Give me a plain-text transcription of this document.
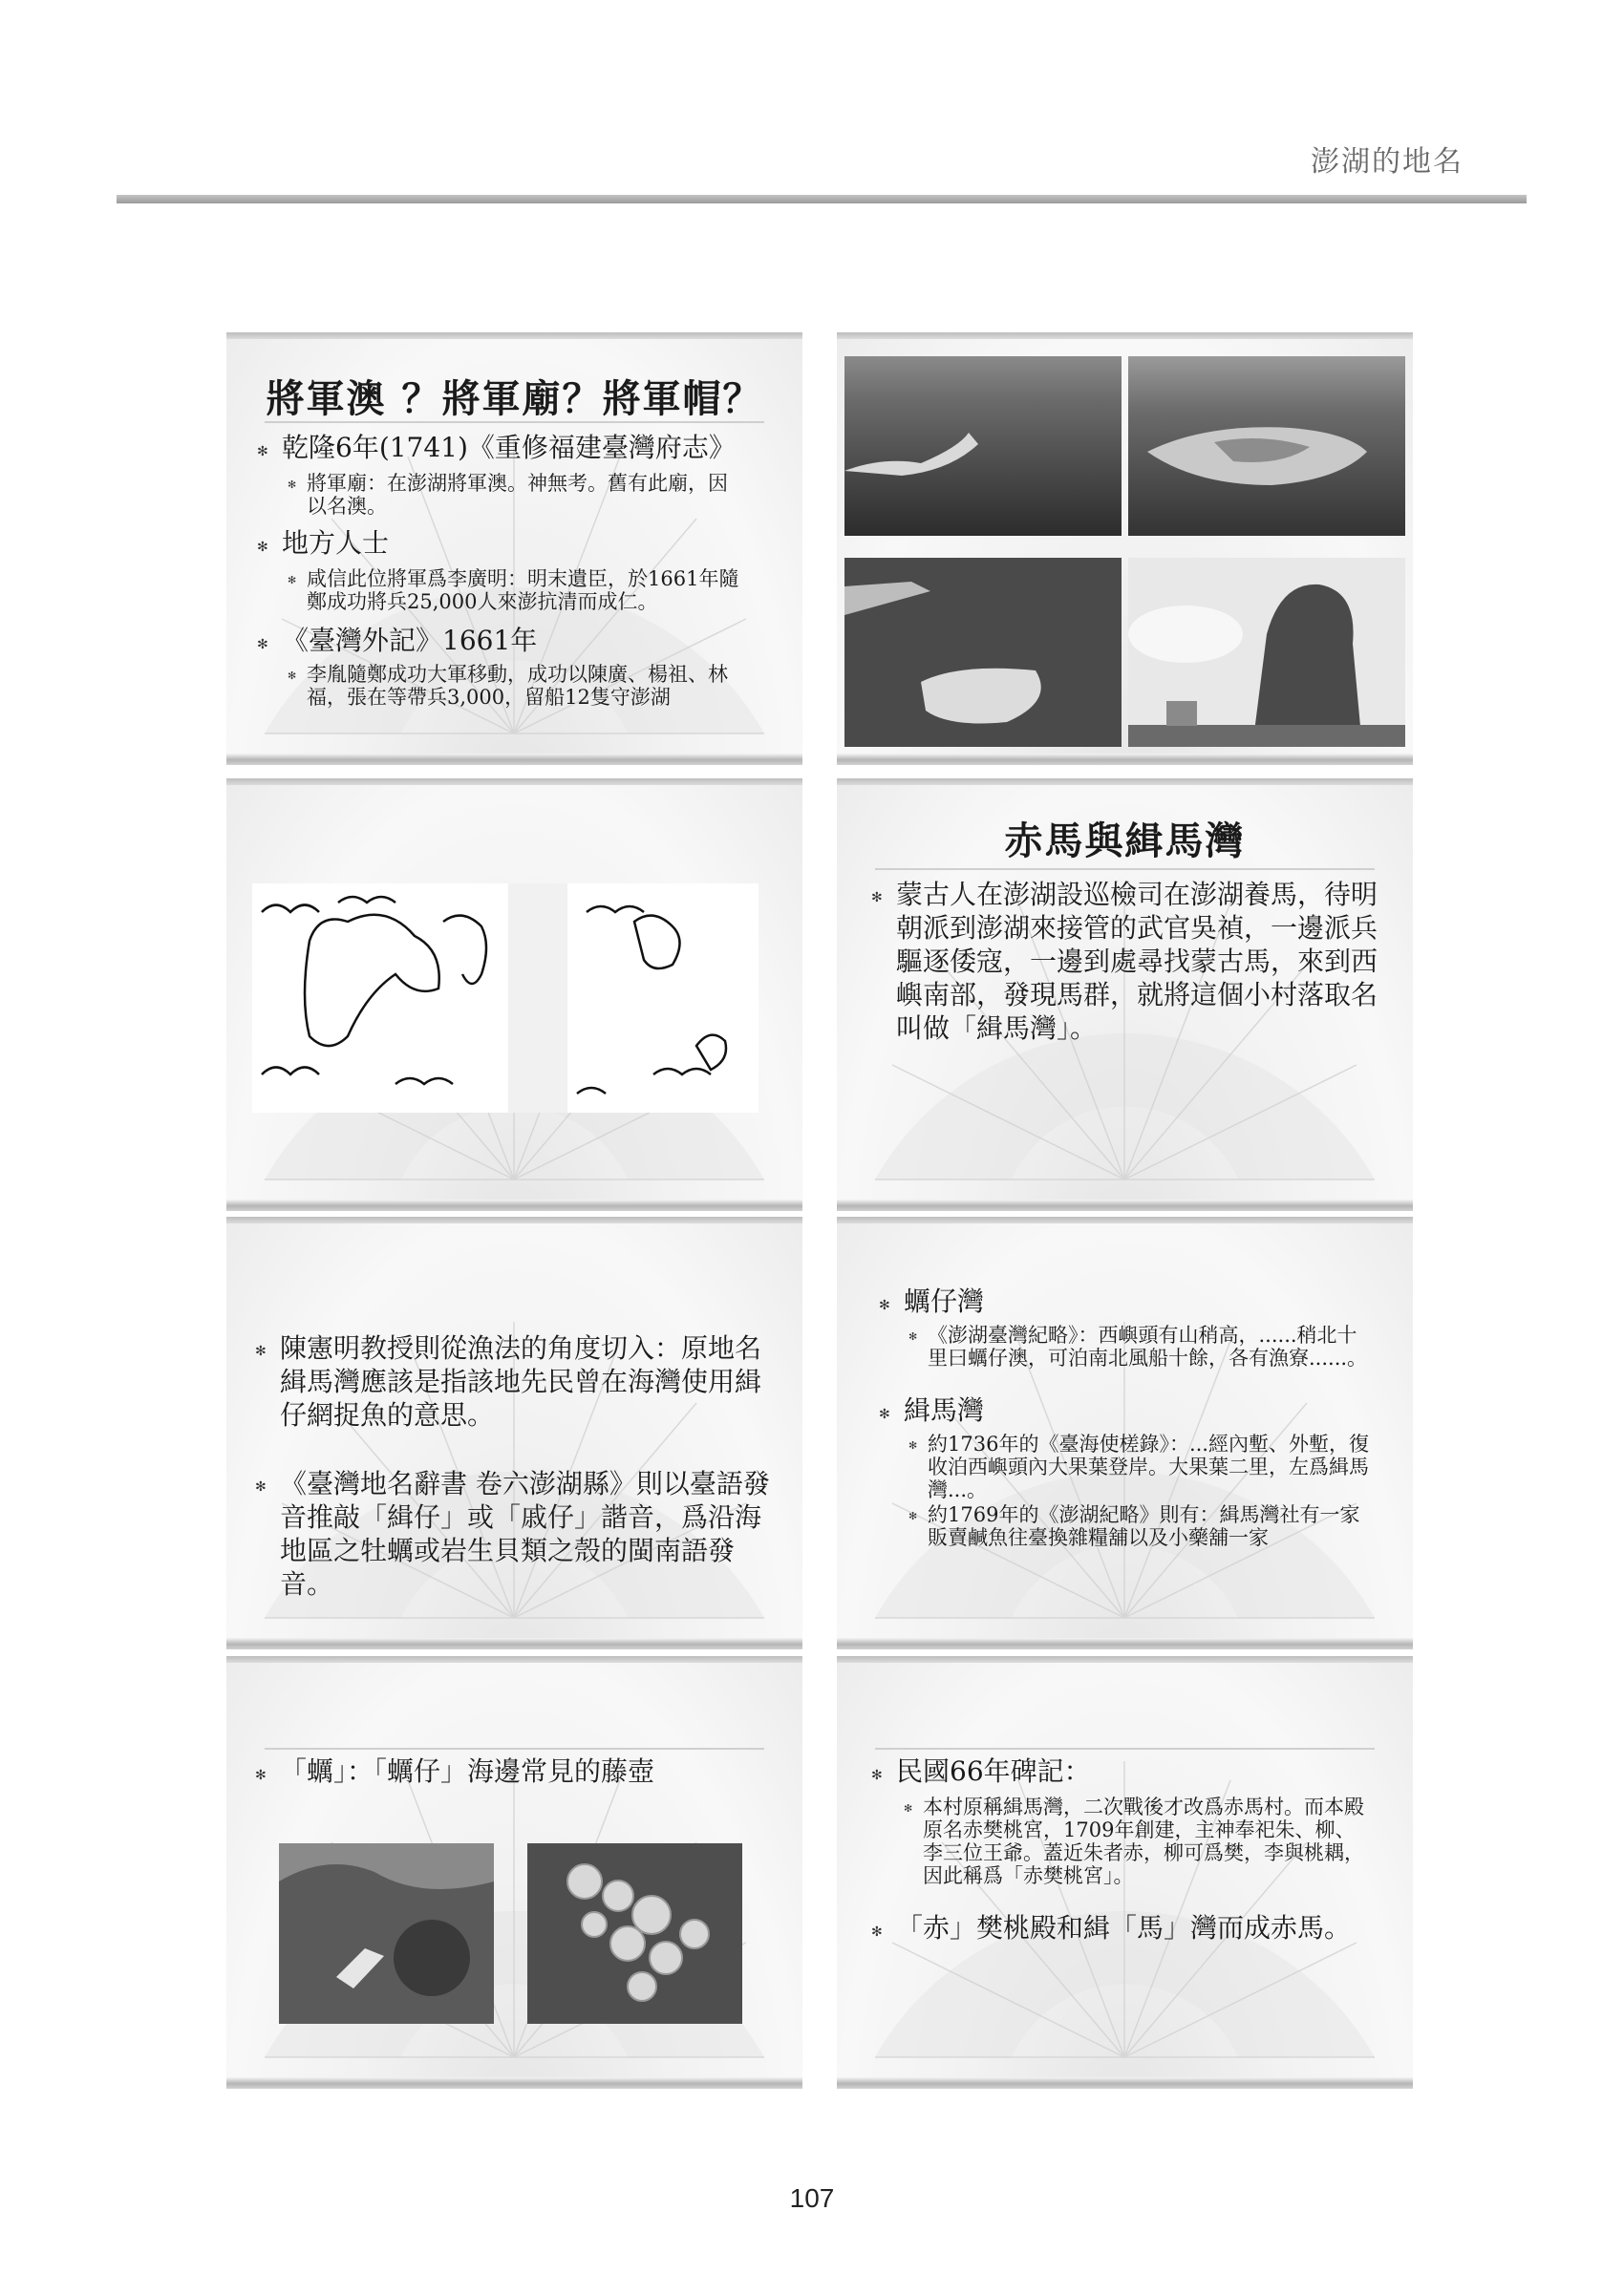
澎湖的地名
將軍澳 ？將軍廟？將軍帽？
✻ 乾隆6年(1741)《重修福建臺灣府志》
✻ 將軍廟：在澎湖將軍澳。神無考。舊有此廟，因以名澳。
✻ 地方人士
✻ 咸信此位將軍爲李廣明：明末遺臣，於1661年隨鄭成功將兵25,000人來澎抗清而成仁。
✻ 《臺灣外記》1661年
✻ 李胤隨鄭成功大軍移動，成功以陳廣、楊祖、林福，張在等帶兵3,000，留船12隻守澎湖
赤馬與緝馬灣
✻ 蒙古人在澎湖設巡檢司在澎湖養馬，待明朝派到澎湖來接管的武官吳禎，一邊派兵驅逐倭寇，一邊到處尋找蒙古馬，來到西嶼南部，發現馬群，就將這個小村落取名叫做「緝馬灣」。
✻ 陳憲明教授則從漁法的角度切入：原地名緝馬灣應該是指該地先民曾在海灣使用緝仔網捉魚的意思。
✻ 《臺灣地名辭書 卷六澎湖縣》則以臺語發音推敲「緝仔」或「戚仔」諧音，爲沿海地區之牡蠣或岩生貝類之殼的閩南語發音。
✻ 蠣仔灣
✻ 《澎湖臺灣紀略》：西嶼頭有山稍高，......稍北十里曰蠣仔澳，可泊南北風船十餘，各有漁寮......。
✻ 緝馬灣
✻ 約1736年的《臺海使槎錄》：...經內塹、外塹，復收泊西嶼頭內大果葉登岸。大果葉二里，左爲緝馬灣...。
✻ 約1769年的《澎湖紀略》則有：緝馬灣社有一家販賣鹹魚往臺換雜糧舖以及小藥舖一家
✻ 「蠣」：「蠣仔」海邊常見的藤壺
✻	民國66年碑記：
✻ 本村原稱緝馬灣，二次戰後才改爲赤馬村。而本殿原名赤樊桃宮，1709年創建，主神奉祀朱、柳、李三位王爺。蓋近朱者赤，柳可爲樊，李與桃耦，因此稱爲「赤樊桃宮」。
✻ 「赤」樊桃殿和緝「馬」灣而成赤馬。
107
